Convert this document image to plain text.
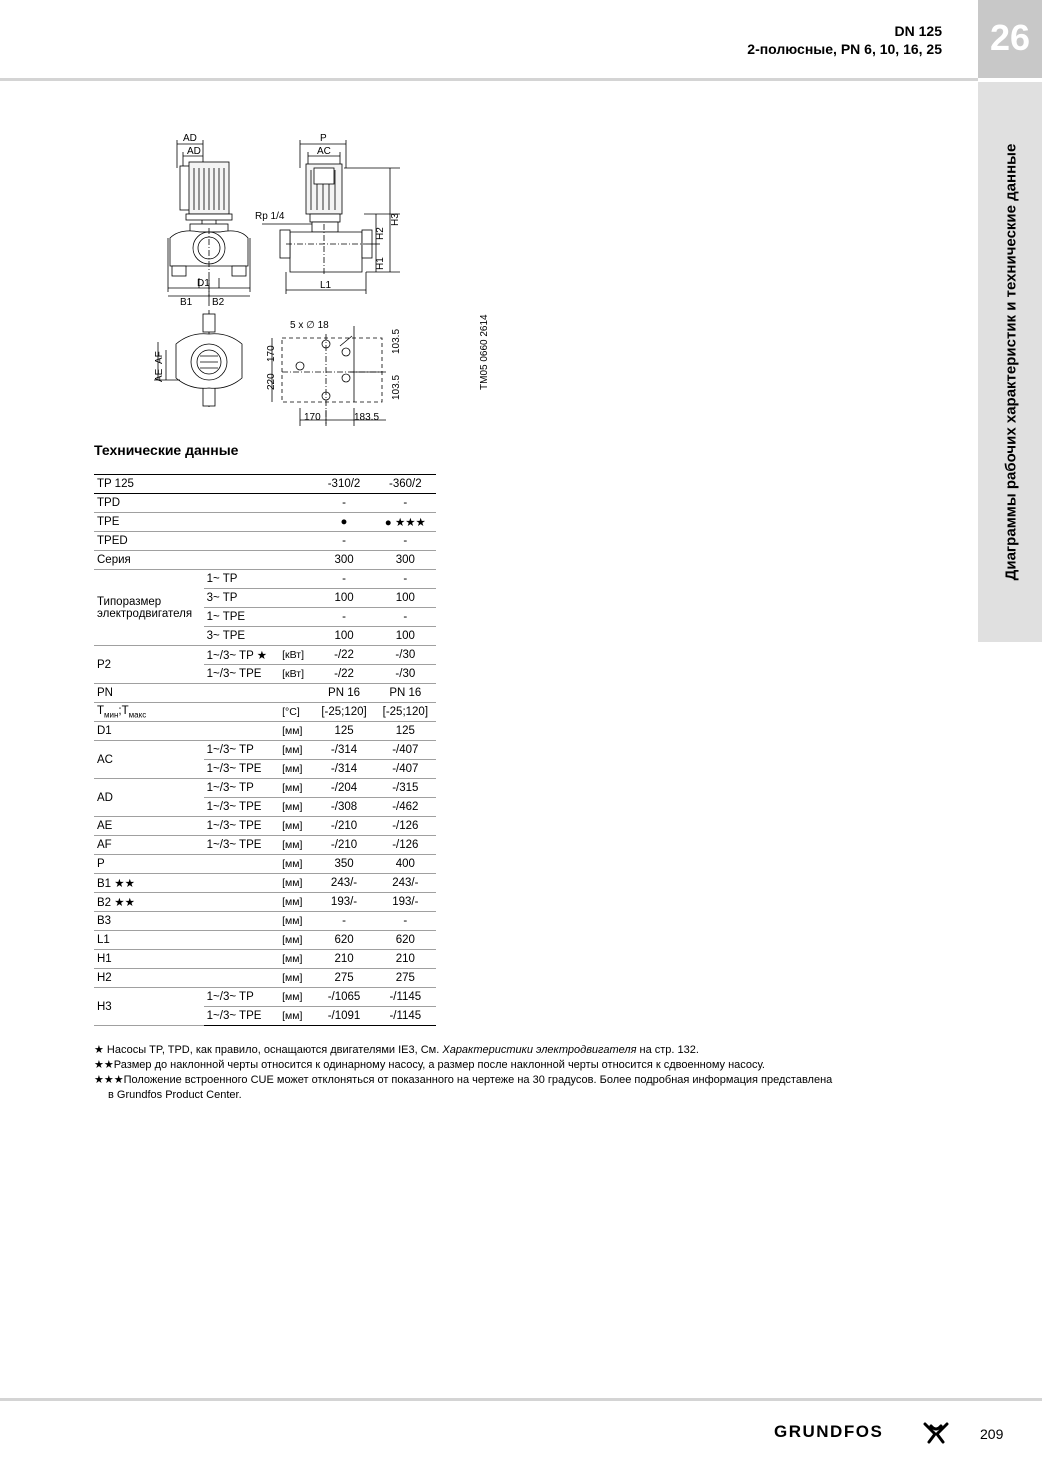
DN 125
2-полюсные, PN 6, 10, 16, 25	26
Диаграммы рабочих характеристик и технические данные
AD
AD
D1
B1 B2
P
AC
Rp 1/4
L1
H1
H2
H3
AE
AF
5 x ∅ 18
103.5
103.5
170
220
170	183.5
TM05 0660 2614
Технические данные
TP 125			-310/2	-360/2
TPD			-	-
TPE			●	● ★★★
TPED			-	-
Серия			300	300
Типоразмер электродвигателя	1~ TP		-	-
	3~ TP		100	100
	1~ TPE		-	-
	3~ TPE		100	100
P2	1~/3~ TP ★	[кВт]	-/22	-/30
	1~/3~ TPE	[кВт]	-/22	-/30
PN			PN 16	PN 16
$T_{мин};T_{макс}$		[°C]	[-25;120]	[-25;120]
D1		[мм]	125	125
AC	1~/3~ TP	[мм]	-/314	-/407
	1~/3~ TPE	[мм]	-/314	-/407
AD	1~/3~ TP	[мм]	-/204	-/315
	1~/3~ TPE	[мм]	-/308	-/462
AE	1~/3~ TPE	[мм]	-/210	-/126
AF	1~/3~ TPE	[мм]	-/210	-/126
P		[мм]	350	400
B1 ★★		[мм]	243/-	243/-
B2 ★★		[мм]	193/-	193/-
B3		[мм]	-	-
L1		[мм]	620	620
H1		[мм]	210	210
H2		[мм]	275	275
H3	1~/3~ TP	[мм]	-/1065	-/1145
	1~/3~ TPE	[мм]	-/1091	-/1145

★ Насосы TP, TPD, как правило, оснащаются двигателями IE3, См. Характеристики электродвигателя на стр. 132.

★★Размер до наклонной черты относится к одинарному насосу, а размер после наклонной черты относится к сдвоенному насосу.

★★★Положение встроенного CUE может отклоняться от показанного на чертеже на 30 градусов. Более подробная информация представлена

в Grundfos Product Center.

GRUNDFOS	209
